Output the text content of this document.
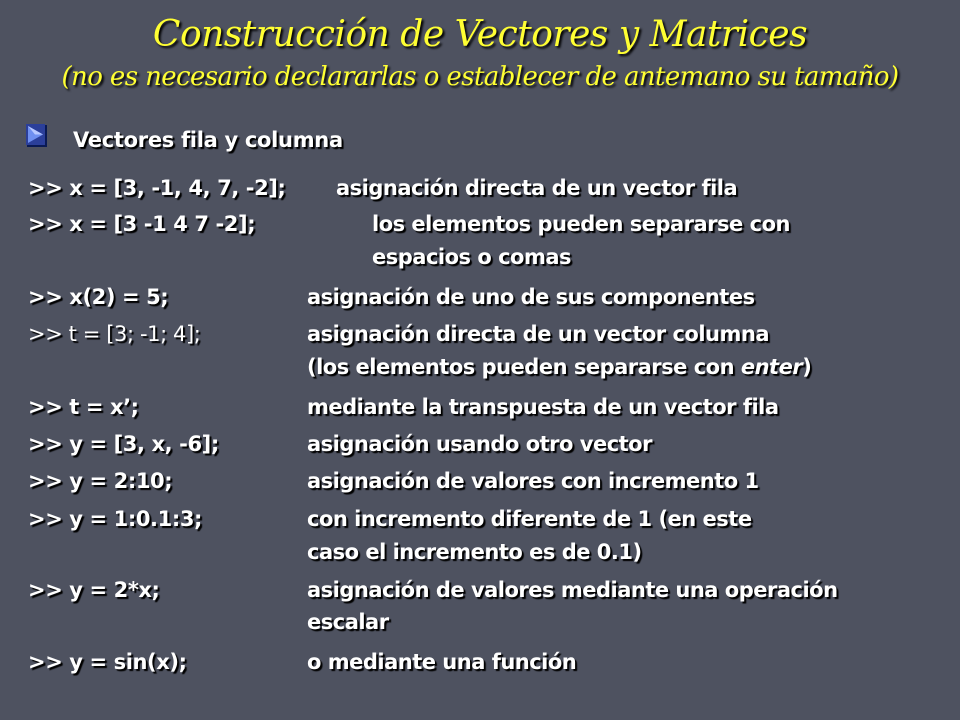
Construcción de Vectores y Matrices
(no es necesario declararlas o establecer de antemano su tamaño)
Vectores fila y columna
>> x = [3, -1, 4, 7, -2]; asignación directa de un vector fila
>> x = [3 -1 4 7 -2];	los elementos pueden separarse con
espacios o comas
>> x(2) = 5;	asignación de uno de sus componentes
>> t = [3; -1; 4];	asignación directa de un vector columna
(los elementos pueden separarse con enter)
>> t = x’;	mediante la transpuesta de un vector fila
>> y = [3, x, -6];	asignación usando otro vector
>> y = 2:10;	asignación de valores con incremento 1
>> y = 1:0.1:3;	con incremento diferente de 1 (en este
caso el incremento es de 0.1)
>> y = 2*x;	asignación de valores mediante una operación
escalar
>> y = sin(x);	o mediante una función
